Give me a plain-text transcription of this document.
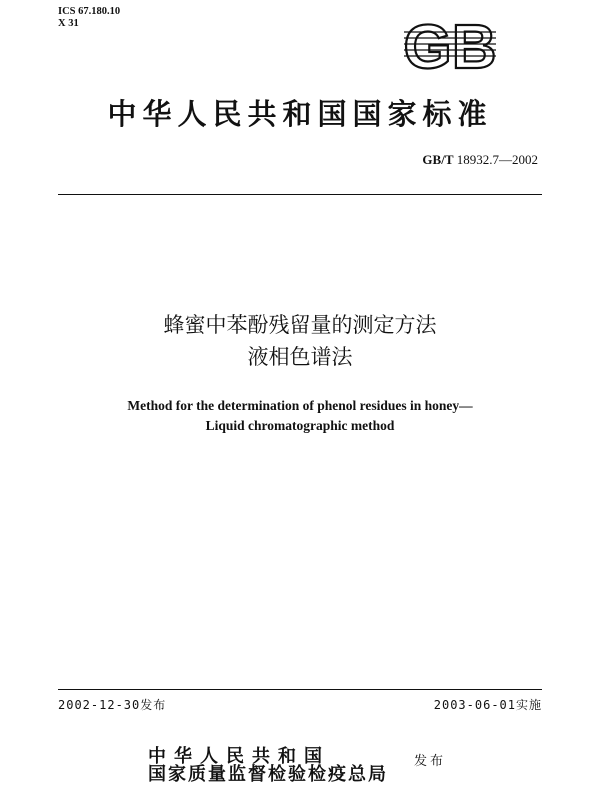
ICS 67.180.10
X 31	GB
中华人民共和国国家标准
GB/T 18932.7—2002
蜂蜜中苯酚残留量的测定方法
液相色谱法
Method for the determination of phenol residues in honey—
Liquid chromatographic method
2002-12-30发布	2003-06-01实施
中华人民共和国
国家质量监督检验检疫总局
发布
